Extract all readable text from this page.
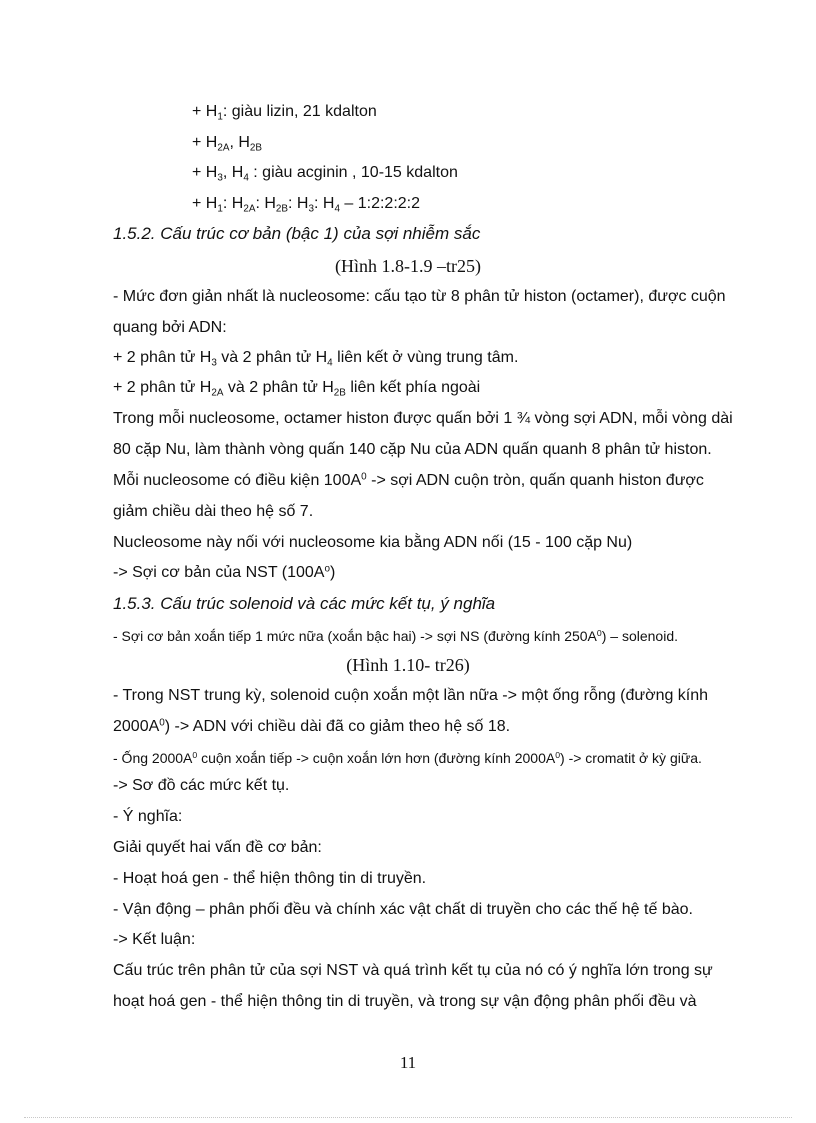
+ $H_1$: giàu lizin, 21 kdalton
+ $H_{2A}$, $H_{2B}$
+ $H_3$, $H_4$ : giàu acginin , 10-15 kdalton
+ $H_1$: $H_{2A}$: $H_{2B}$: $H_3$: $H_4$ – 1:2:2:2:2
1.5.2. Cấu trúc cơ bản (bậc 1) của sợi nhiễm sắc
(Hình 1.8-1.9 –tr25)
- Mức đơn giản nhất là nucleosome: cấu tạo từ 8 phân tử histon (octamer), được cuộn
quang bởi ADN:
+ 2 phân tử $H_3$ và 2 phân tử $H_4$ liên kết ở vùng trung tâm.
+ 2 phân tử $H_{2A}$ và 2 phân tử $H_{2B}$ liên kết phía ngoài
Trong mỗi nucleosome, octamer histon được quấn bởi 1 ¾ vòng sợi ADN, mỗi vòng dài
80 cặp Nu, làm thành vòng quấn 140 cặp Nu của ADN quấn quanh 8 phân tử histon.
Mỗi nucleosome có điều kiện $100A^0$ -> sợi ADN cuộn tròn, quấn quanh histon được
giảm chiều dài theo hệ số 7.
Nucleosome này nối với nucleosome kia bằng ADN nối (15 - 100 cặp Nu)
-> Sợi cơ bản của NST $(100A^o)$
1.5.3. Cấu trúc solenoid và các mức kết tụ, ý nghĩa
- Sợi cơ bản xoắn tiếp 1 mức nữa (xoắn bậc hai) -> sợi NS (đường kính $250A^0$) – solenoid.
(Hình 1.10- tr26)
- Trong NST trung kỳ, solenoid cuộn xoắn một lần nữa -> một ống rỗng (đường kính
$2000A^0$) -> ADN với chiều dài đã co giảm theo hệ số 18.
- Ống $2000A^0$ cuộn xoắn tiếp -> cuộn xoắn lớn hơn (đường kính $2000A^0$) -> cromatit ở kỳ giữa.
-> Sơ đồ các mức kết tụ.
- Ý nghĩa:
Giải quyết hai vấn đề cơ bản:
- Hoạt hoá gen - thể hiện thông tin di truyền.
- Vận động – phân phối đều và chính xác vật chất di truyền cho các thế hệ tế bào.
-> Kết luận:
Cấu trúc trên phân tử của sợi NST và quá trình kết tụ của nó có ý nghĩa lớn trong sự
hoạt hoá gen - thể hiện thông tin di truyền, và trong sự vận động phân phối đều và
11
